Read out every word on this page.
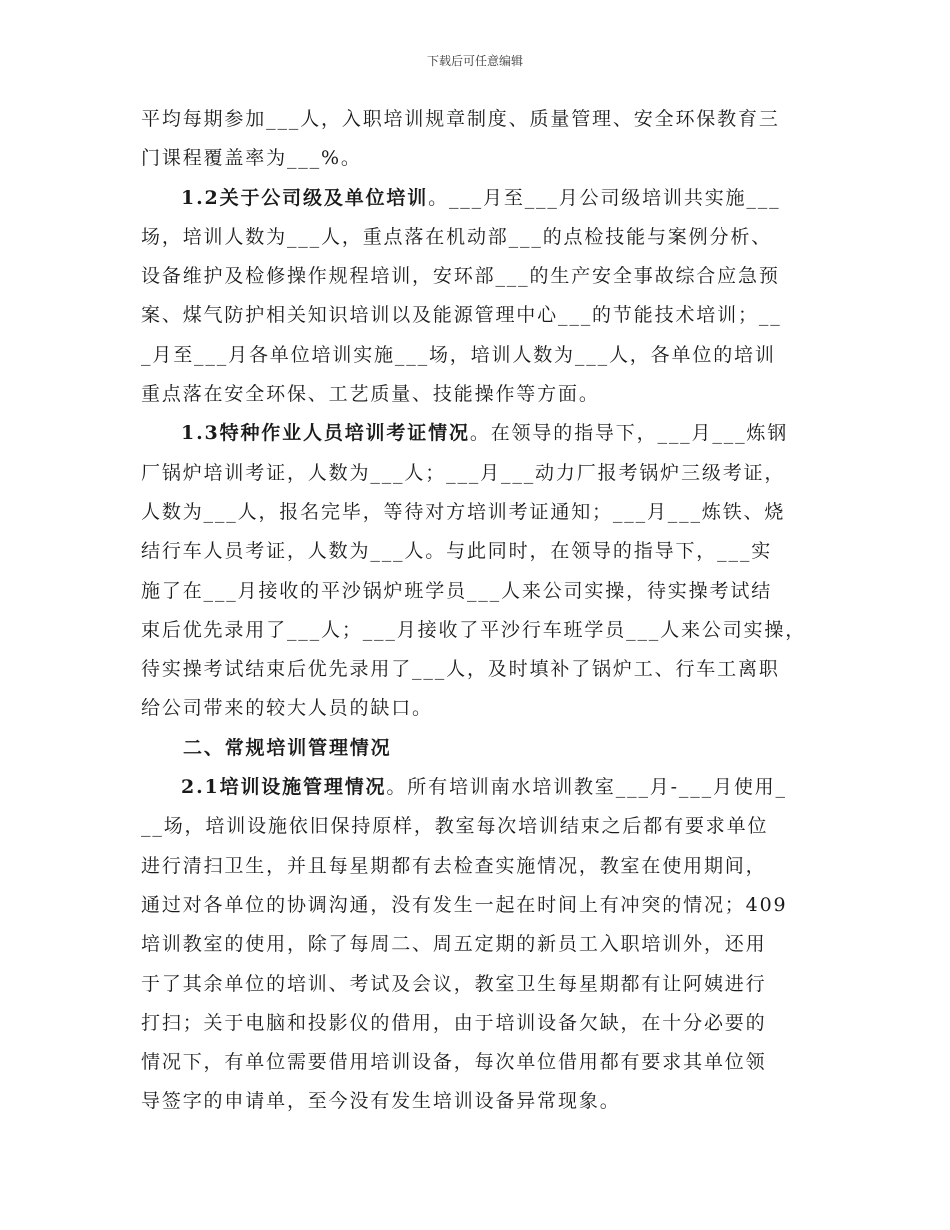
下载后可任意编辑
平均每期参加___人，入职培训规章制度、质量管理、安全环保教育三
门课程覆盖率为___%。
1.2关于公司级及单位培训。___月至___月公司级培训共实施___
场，培训人数为___人，重点落在机动部___的点检技能与案例分析、
设备维护及检修操作规程培训，安环部___的生产安全事故综合应急预
案、煤气防护相关知识培训以及能源管理中心___的节能技术培训；__
_月至___月各单位培训实施___场，培训人数为___人，各单位的培训
重点落在安全环保、工艺质量、技能操作等方面。
1.3特种作业人员培训考证情况。在领导的指导下，___月___炼钢
厂锅炉培训考证，人数为___人；___月___动力厂报考锅炉三级考证，
人数为___人，报名完毕，等待对方培训考证通知；___月___炼铁、烧
结行车人员考证，人数为___人。与此同时，在领导的指导下，___实
施了在___月接收的平沙锅炉班学员___人来公司实操，待实操考试结
束后优先录用了___人；___月接收了平沙行车班学员___人来公司实操，
待实操考试结束后优先录用了___人，及时填补了锅炉工、行车工离职
给公司带来的较大人员的缺口。
二、常规培训管理情况
2.1培训设施管理情况。所有培训南水培训教室___月-___月使用_
__场，培训设施依旧保持原样，教室每次培训结束之后都有要求单位
进行清扫卫生，并且每星期都有去检查实施情况，教室在使用期间，
通过对各单位的协调沟通，没有发生一起在时间上有冲突的情况；409
培训教室的使用，除了每周二、周五定期的新员工入职培训外，还用
于了其余单位的培训、考试及会议，教室卫生每星期都有让阿姨进行
打扫；关于电脑和投影仪的借用，由于培训设备欠缺，在十分必要的
情况下，有单位需要借用培训设备，每次单位借用都有要求其单位领
导签字的申请单，至今没有发生培训设备异常现象。
